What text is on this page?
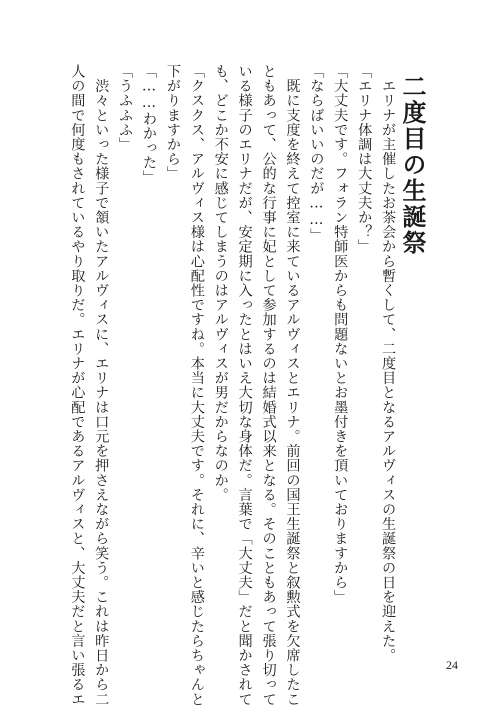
二度目の生誕祭
　エリナが主催したお茶会から暫くして、二度目となるアルヴィスの生誕祭の日を迎えた。
「エリナ体調は大丈夫か？」
「大丈夫です。フォラン特師医からも問題ないとお墨付きを頂いておりますから」
「ならばいいのだが……」
　既に支度を終えて控室に来ているアルヴィスとエリナ。前回の国王生誕祭と叙勲式を欠席したこ
ともあって、公的な行事に妃として参加するのは結婚式以来となる。そのこともあって張り切って
いる様子のエリナだが、安定期に入ったとはいえ大切な身体だ。言葉で「大丈夫」だと聞かされて
も、どこか不安に感じてしまうのはアルヴィスが男だからなのか。
「クスクス、アルヴィス様は心配性ですね。本当に大丈夫です。それに、辛いと感じたらちゃんと
下がりますから」
「……わかった」
「うふふふ」
　渋々といった様子で頷いたアルヴィスに、エリナは口元を押さえながら笑う。これは昨日から二
人の間で何度もされているやり取りだ。エリナが心配であるアルヴィスと、大丈夫だと言い張るエ	24
